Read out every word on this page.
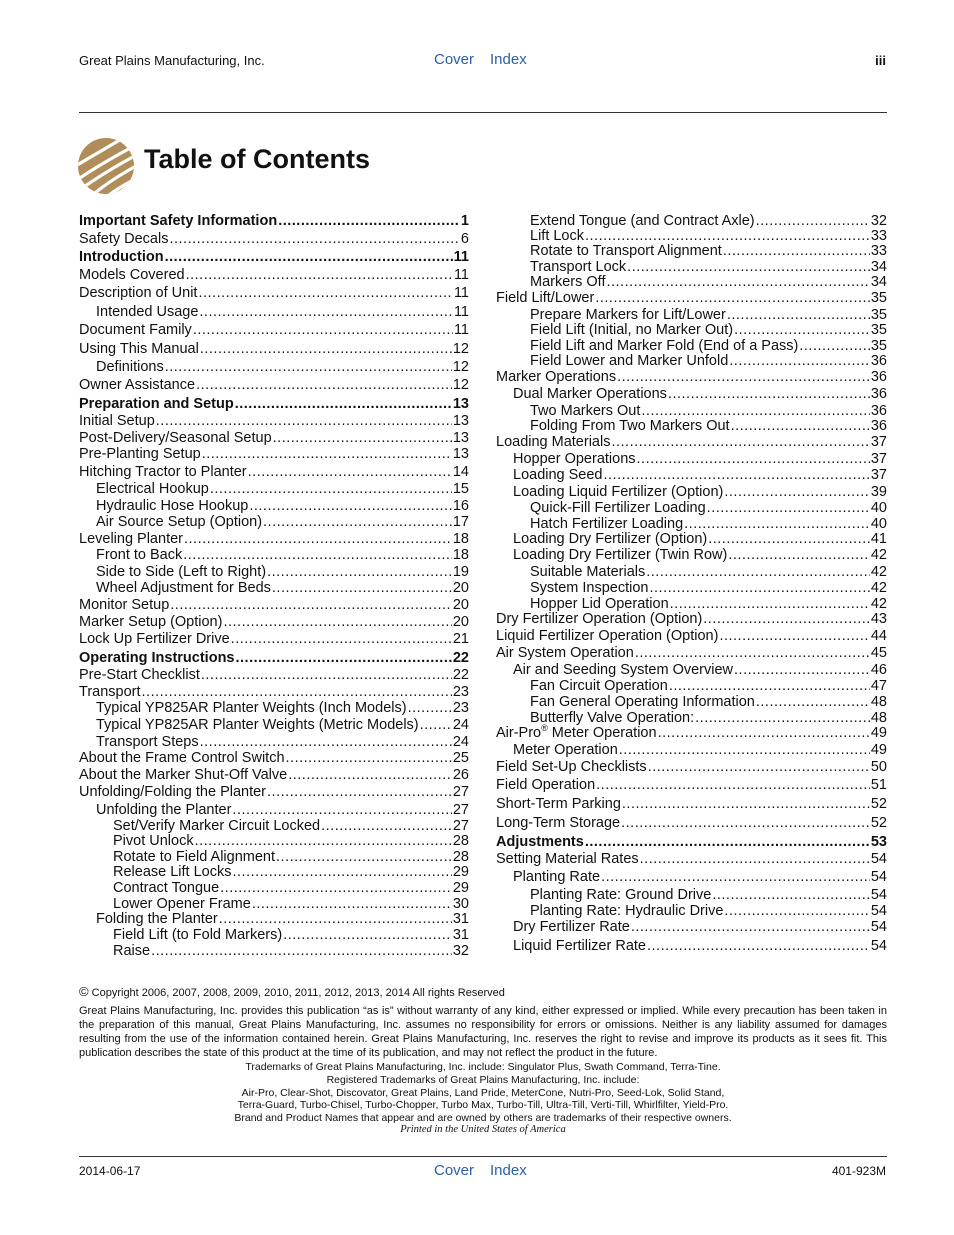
Great Plains Manufacturing, Inc.	Cover Index	iii
Table of Contents
Important Safety Information .....	1
Safety Decals .....	6
Introduction .....	11
Models Covered .....	11
Description of Unit .....	11
Intended Usage .....	11
Document Family .....	11
Using This Manual .....	12
Definitions .....	12
Owner Assistance .....	12
Preparation and Setup .....	13
Initial Setup .....	13
Post-Delivery/Seasonal Setup .....	13
Pre-Planting Setup .....	13
Hitching Tractor to Planter .....	14
Electrical Hookup .....	15
Hydraulic Hose Hookup .....	16
Air Source Setup (Option) .....	17
Leveling Planter .....	18
Front to Back .....	18
Side to Side (Left to Right) .....	19
Wheel Adjustment for Beds .....	20
Monitor Setup .....	20
Marker Setup (Option) .....	20
Lock Up Fertilizer Drive .....	21
Operating Instructions .....	22
Pre-Start Checklist .....	22
Transport .....	23
Typical YP825AR Planter Weights (Inch Models) .....	23
Typical YP825AR Planter Weights (Metric Models) ..... 24
Transport Steps .....	24
About the Frame Control Switch .....	25
About the Marker Shut-Off Valve .....	26
Unfolding/Folding the Planter .....	27
Unfolding the Planter .....	27
Set/Verify Marker Circuit Locked .....	27
Pivot Unlock .....	28
Rotate to Field Alignment .....	28
Release Lift Locks .....	29
Contract Tongue .....	29
Lower Opener Frame .....	30
Folding the Planter .....	31
Field Lift (to Fold Markers) .....	31
Raise .....	32
Extend Tongue (and Contract Axle) .....	32
Lift Lock .....	33
Rotate to Transport Alignment .....	33
Transport Lock .....	34
Markers Off .....	34
Field Lift/Lower .....	35
Prepare Markers for Lift/Lower .....	35
Field Lift (Initial, no Marker Out) .....	35
Field Lift and Marker Fold (End of a Pass) .....	35
Field Lower and Marker Unfold .....	36
Marker Operations .....	36
Dual Marker Operations .....	36
Two Markers Out .....	36
Folding From Two Markers Out .....	36
Loading Materials .....	37
Hopper Operations .....	37
Loading Seed .....	37
Loading Liquid Fertilizer (Option) .....	39
Quick-Fill Fertilizer Loading .....	40
Hatch Fertilizer Loading .....	40
Loading Dry Fertilizer (Option) .....	41
Loading Dry Fertilizer (Twin Row) .....	42
Suitable Materials .....	42
System Inspection .....	42
Hopper Lid Operation .....	42
Dry Fertilizer Operation (Option) .....	43
Liquid Fertilizer Operation (Option) .....	44
Air System Operation .....	45
Air and Seeding System Overview .....	46
Fan Circuit Operation .....	47
Fan General Operating Information .....	48
Butterfly Valve Operation: .....	48
Air-Pro® Meter Operation .....	49
Meter Operation .....	49
Field Set-Up Checklists .....	50
Field Operation .....	51
Short-Term Parking .....	52
Long-Term Storage .....	52
Adjustments .....	53
Setting Material Rates .....	54
Planting Rate .....	54
Planting Rate: Ground Drive .....	54
Planting Rate: Hydraulic Drive .....	54
Dry Fertilizer Rate .....	54
Liquid Fertilizer Rate .....	54
© Copyright 2006, 2007, 2008, 2009, 2010, 2011, 2012, 2013, 2014 All rights Reserved
Great Plains Manufacturing, Inc. provides this publication “as is” without warranty of any kind, either expressed or implied. While every precaution has been taken in the preparation of this manual, Great Plains Manufacturing, Inc. assumes no responsibility for errors or omissions. Neither is any liability assumed for damages resulting from the use of the information contained herein. Great Plains Manufacturing, Inc. reserves the right to revise and improve its products as it sees fit. This publication describes the state of this product at the time of its publication, and may not reflect the product in the future.
Trademarks of Great Plains Manufacturing, Inc. include: Singulator Plus, Swath Command, Terra-Tine.
Registered Trademarks of Great Plains Manufacturing, Inc. include:
Air-Pro, Clear-Shot, Discovator, Great Plains, Land Pride, MeterCone, Nutri-Pro, Seed-Lok, Solid Stand,
Terra-Guard, Turbo-Chisel, Turbo-Chopper, Turbo Max, Turbo-Till, Ultra-Till, Verti-Till, Whirlfilter, Yield-Pro.
Brand and Product Names that appear and are owned by others are trademarks of their respective owners.
Printed in the United States of America
2014-06-17	Cover Index	401-923M
